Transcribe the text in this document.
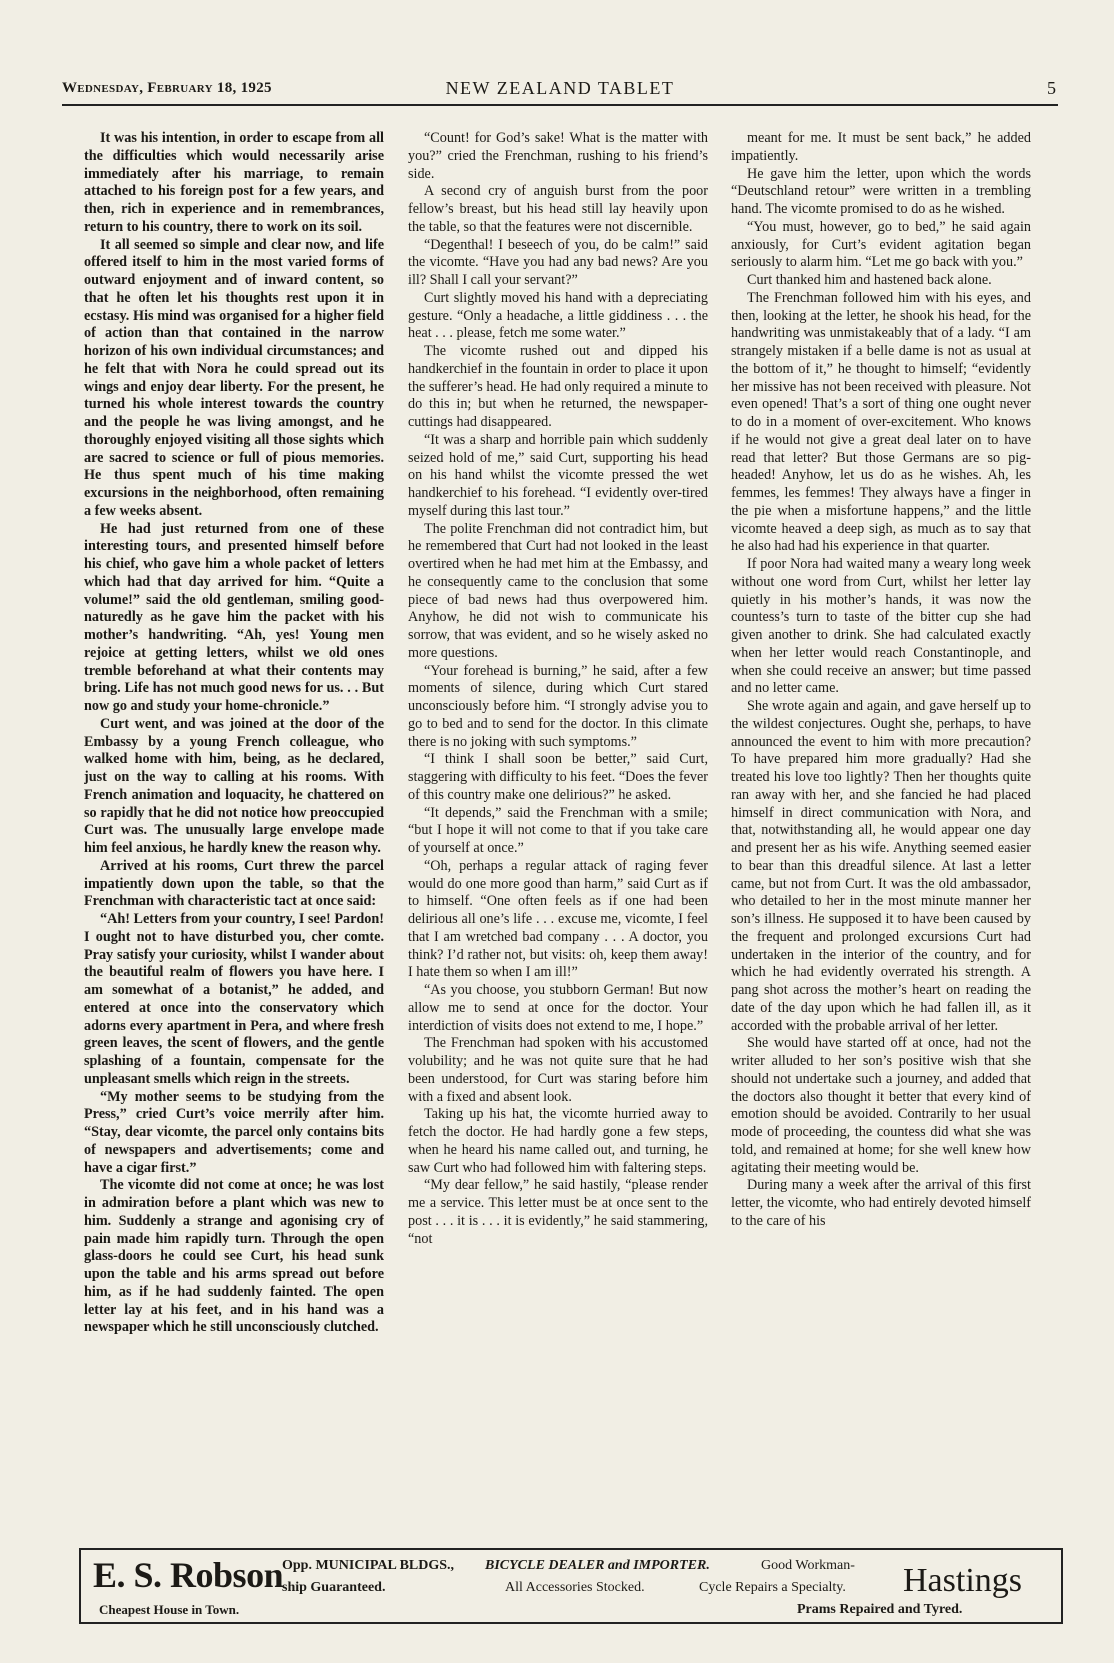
Wednesday, February 18, 1925	NEW ZEALAND TABLET	5

It was his intention, in order to escape from all the difficulties which would necessarily arise immediately after his marriage, to remain attached to his foreign post for a few years, and then, rich in experience and in remembrances, return to his country, there to work on its soil.

It all seemed so simple and clear now, and life offered itself to him in the most varied forms of outward enjoyment and of inward content, so that he often let his thoughts rest upon it in ecstasy. His mind was organised for a higher field of action than that contained in the narrow horizon of his own individual circumstances; and he felt that with Nora he could spread out its wings and enjoy dear liberty. For the present, he turned his whole interest towards the country and the people he was living amongst, and he thoroughly enjoyed visiting all those sights which are sacred to science or full of pious memories. He thus spent much of his time making excursions in the neighborhood, often remaining a few weeks absent.

He had just returned from one of these interesting tours, and presented himself before his chief, who gave him a whole packet of letters which had that day arrived for him. “Quite a volume!” said the old gentleman, smiling good-naturedly as he gave him the packet with his mother’s handwriting. “Ah, yes! Young men rejoice at getting letters, whilst we old ones tremble beforehand at what their contents may bring. Life has not much good news for us. . . But now go and study your home-chronicle.”

Curt went, and was joined at the door of the Embassy by a young French colleague, who walked home with him, being, as he declared, just on the way to calling at his rooms. With French animation and loquacity, he chattered on so rapidly that he did not notice how preoccupied Curt was. The unusually large envelope made him feel anxious, he hardly knew the reason why.

Arrived at his rooms, Curt threw the parcel impatiently down upon the table, so that the Frenchman with characteristic tact at once said:

“Ah! Letters from your country, I see! Pardon! I ought not to have disturbed you, cher comte. Pray satisfy your curiosity, whilst I wander about the beautiful realm of flowers you have here. I am somewhat of a botanist,” he added, and entered at once into the conservatory which adorns every apartment in Pera, and where fresh green leaves, the scent of flowers, and the gentle splashing of a fountain, compensate for the unpleasant smells which reign in the streets.

“My mother seems to be studying from the Press,” cried Curt’s voice merrily after him. “Stay, dear vicomte, the parcel only contains bits of newspapers and advertisements; come and have a cigar first.”

The vicomte did not come at once; he was lost in admiration before a plant which was new to him. Suddenly a strange and agonising cry of pain made him rapidly turn. Through the open glass-doors he could see Curt, his head sunk upon the table and his arms spread out before him, as if he had suddenly fainted. The open letter lay at his feet, and in his hand was a newspaper which he still unconsciously clutched.

“Count! for God’s sake! What is the matter with you?” cried the Frenchman, rushing to his friend’s side.

A second cry of anguish burst from the poor fellow’s breast, but his head still lay heavily upon the table, so that the features were not discernible.

“Degenthal! I beseech of you, do be calm!” said the vicomte. “Have you had any bad news? Are you ill? Shall I call your servant?”

Curt slightly moved his hand with a depreciating gesture. “Only a headache, a little giddiness . . . the heat . . . please, fetch me some water.”

The vicomte rushed out and dipped his handkerchief in the fountain in order to place it upon the sufferer’s head. He had only required a minute to do this in; but when he returned, the newspaper-cuttings had disappeared.

“It was a sharp and horrible pain which suddenly seized hold of me,” said Curt, supporting his head on his hand whilst the vicomte pressed the wet handkerchief to his forehead. “I evidently over-tired myself during this last tour.”

The polite Frenchman did not contradict him, but he remembered that Curt had not looked in the least overtired when he had met him at the Embassy, and he consequently came to the conclusion that some piece of bad news had thus overpowered him. Anyhow, he did not wish to communicate his sorrow, that was evident, and so he wisely asked no more questions.

“Your forehead is burning,” he said, after a few moments of silence, during which Curt stared unconsciously before him. “I strongly advise you to go to bed and to send for the doctor. In this climate there is no joking with such symptoms.”

“I think I shall soon be better,” said Curt, staggering with difficulty to his feet. “Does the fever of this country make one delirious?” he asked.

“It depends,” said the Frenchman with a smile; “but I hope it will not come to that if you take care of yourself at once.”

“Oh, perhaps a regular attack of raging fever would do one more good than harm,” said Curt as if to himself. “One often feels as if one had been delirious all one’s life . . . excuse me, vicomte, I feel that I am wretched bad company . . . A doctor, you think? I’d rather not, but visits: oh, keep them away! I hate them so when I am ill!”

“As you choose, you stubborn German! But now allow me to send at once for the doctor. Your interdiction of visits does not extend to me, I hope.”

The Frenchman had spoken with his accustomed volubility; and he was not quite sure that he had been understood, for Curt was staring before him with a fixed and absent look.

Taking up his hat, the vicomte hurried away to fetch the doctor. He had hardly gone a few steps, when he heard his name called out, and turning, he saw Curt who had followed him with faltering steps.

“My dear fellow,” he said hastily, “please render me a service. This letter must be at once sent to the post . . . it is . . . it is evidently,” he said stammering, “not

meant for me. It must be sent back,” he added impatiently.

He gave him the letter, upon which the words “Deutschland retour” were written in a trembling hand. The vicomte promised to do as he wished.

“You must, however, go to bed,” he said again anxiously, for Curt’s evident agitation began seriously to alarm him. “Let me go back with you.”

Curt thanked him and hastened back alone.

The Frenchman followed him with his eyes, and then, looking at the letter, he shook his head, for the handwriting was unmistakeably that of a lady. “I am strangely mistaken if a belle dame is not as usual at the bottom of it,” he thought to himself; “evidently her missive has not been received with pleasure. Not even opened! That’s a sort of thing one ought never to do in a moment of over-excitement. Who knows if he would not give a great deal later on to have read that letter? But those Germans are so pig-headed! Anyhow, let us do as he wishes. Ah, les femmes, les femmes! They always have a finger in the pie when a misfortune happens,” and the little vicomte heaved a deep sigh, as much as to say that he also had had his experience in that quarter.

If poor Nora had waited many a weary long week without one word from Curt, whilst her letter lay quietly in his mother’s hands, it was now the countess’s turn to taste of the bitter cup she had given another to drink. She had calculated exactly when her letter would reach Constantinople, and when she could receive an answer; but time passed and no letter came.

She wrote again and again, and gave herself up to the wildest conjectures. Ought she, perhaps, to have announced the event to him with more precaution? To have prepared him more gradually? Had she treated his love too lightly? Then her thoughts quite ran away with her, and she fancied he had placed himself in direct communication with Nora, and that, notwithstanding all, he would appear one day and present her as his wife. Anything seemed easier to bear than this dreadful silence. At last a letter came, but not from Curt. It was the old ambassador, who detailed to her in the most minute manner her son’s illness. He supposed it to have been caused by the frequent and prolonged excursions Curt had undertaken in the interior of the country, and for which he had evidently overrated his strength. A pang shot across the mother’s heart on reading the date of the day upon which he had fallen ill, as it accorded with the probable arrival of her letter.

She would have started off at once, had not the writer alluded to her son’s positive wish that she should not undertake such a journey, and added that the doctors also thought it better that every kind of emotion should be avoided. Contrarily to her usual mode of proceeding, the countess did what she was told, and remained at home; for she well knew how agitating their meeting would be.

During many a week after the arrival of this first letter, the vicomte, who had entirely devoted himself to the care of his

E. S. Robson
Cheapest House in Town.
Opp. MUNICIPAL BLDGS.,
ship Guaranteed.
BICYCLE DEALER and IMPORTER.
All Accessories Stocked.
Good Workman-
Cycle Repairs a Specialty. Hastings
Prams Repaired and Tyred.
